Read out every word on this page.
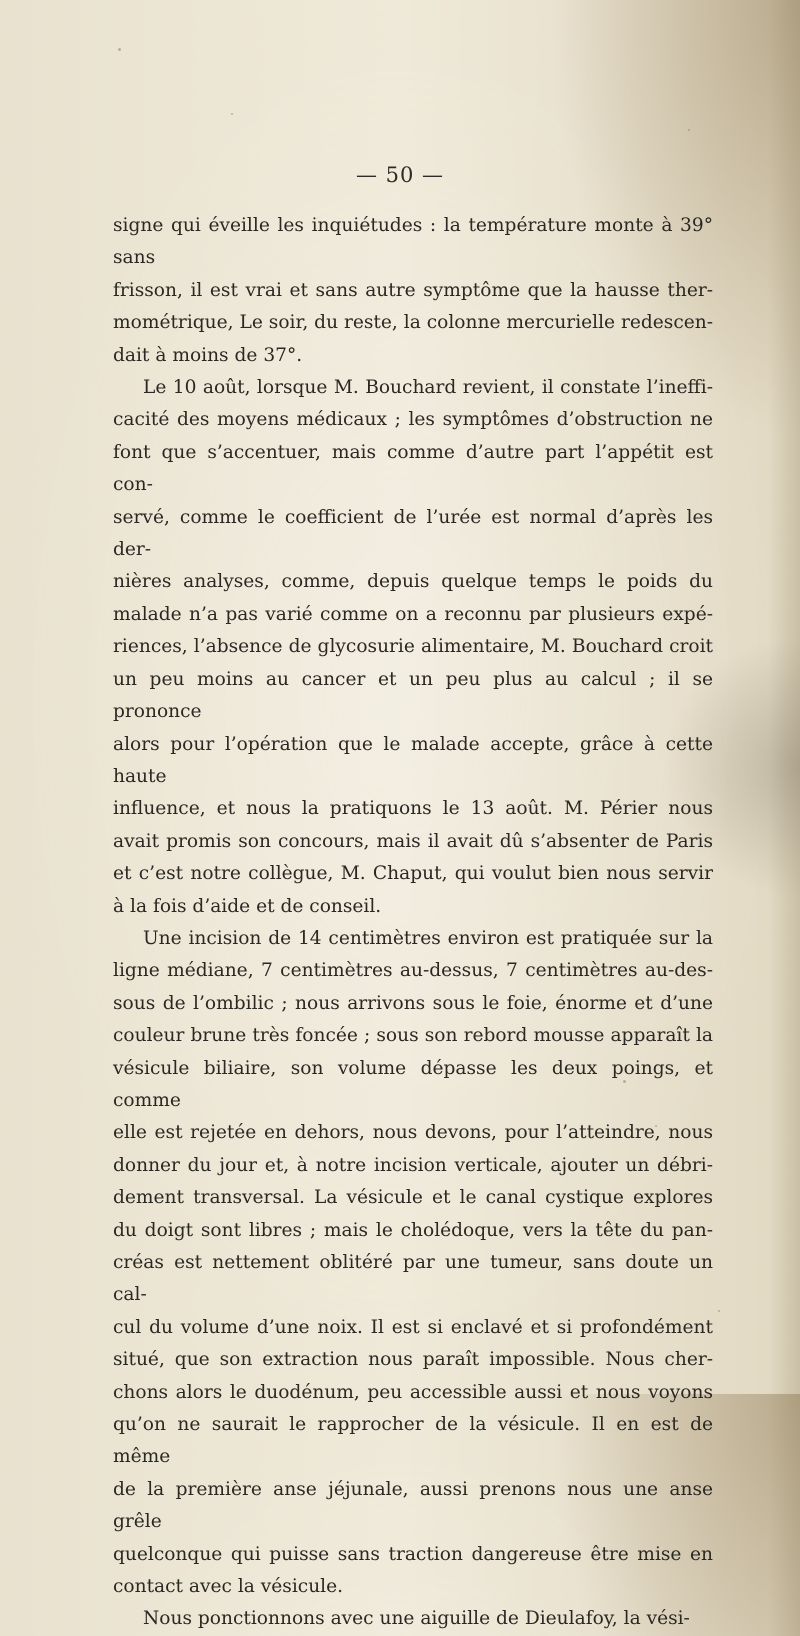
— 50 —

signe qui éveille les inquiétudes : la température monte à 39° sans

frisson, il est vrai et sans autre symptôme que la hausse ther-

mométrique, Le soir, du reste, la colonne mercurielle redescen-

dait à moins de 37°.

Le 10 août, lorsque M. Bouchard revient, il constate l’ineffi-

cacité des moyens médicaux ; les symptômes d’obstruction ne

font que s’accentuer, mais comme d’autre part l’appétit est con-

servé, comme le coefficient de l’urée est normal d’après les der-

nières analyses, comme, depuis quelque temps le poids du

malade n’a pas varié comme on a reconnu par plusieurs expé-

riences, l’absence de glycosurie alimentaire, M. Bouchard croit

un peu moins au cancer et un peu plus au calcul ; il se prononce

alors pour l’opération que le malade accepte, grâce à cette haute

influence, et nous la pratiquons le 13 août. M. Périer nous

avait promis son concours, mais il avait dû s’absenter de Paris

et c’est notre collègue, M. Chaput, qui voulut bien nous servir

à la fois d’aide et de conseil.

Une incision de 14 centimètres environ est pratiquée sur la

ligne médiane, 7 centimètres au-dessus, 7 centimètres au-des-

sous de l’ombilic ; nous arrivons sous le foie, énorme et d’une

couleur brune très foncée ; sous son rebord mousse apparaît la

vésicule biliaire, son volume dépasse les deux poings, et comme

elle est rejetée en dehors, nous devons, pour l’atteindre, nous

donner du jour et, à notre incision verticale, ajouter un débri-

dement transversal. La vésicule et le canal cystique explores

du doigt sont libres ; mais le cholédoque, vers la tête du pan-

créas est nettement oblitéré par une tumeur, sans doute un cal-

cul du volume d’une noix. Il est si enclavé et si profondément

situé, que son extraction nous paraît impossible. Nous cher-

chons alors le duodénum, peu accessible aussi et nous voyons

qu’on ne saurait le rapprocher de la vésicule. Il en est de même

de la première anse jéjunale, aussi prenons nous une anse grêle

quelconque qui puisse sans traction dangereuse être mise en

contact avec la vésicule.

Nous ponctionnons avec une aiguille de Dieulafoy, la vési-
